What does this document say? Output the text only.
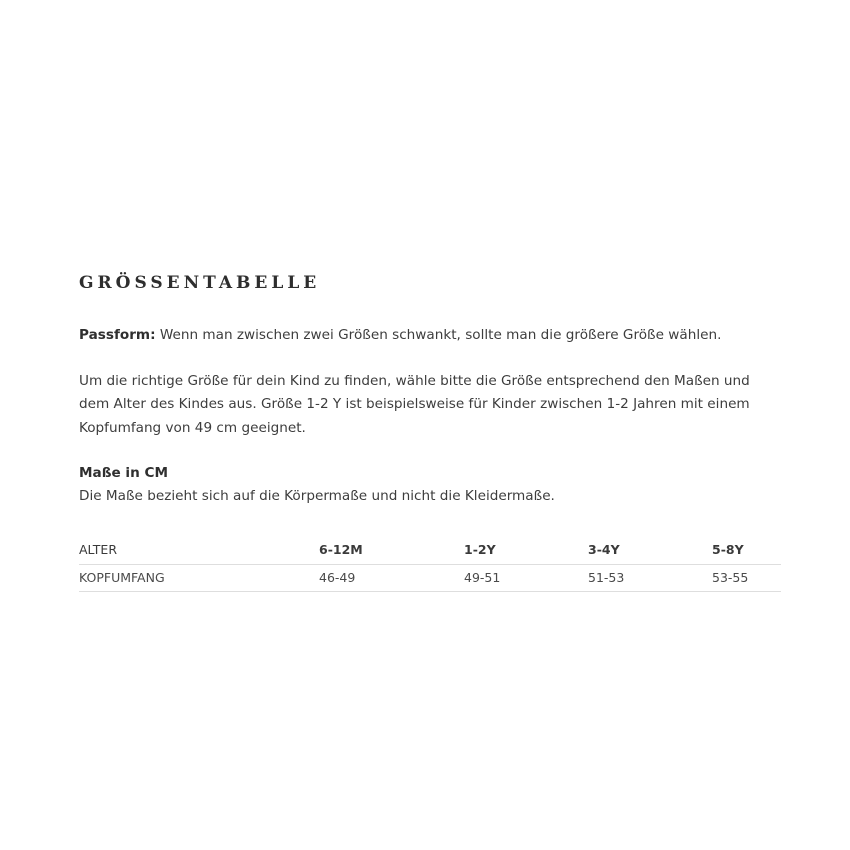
GRÖSSENTABELLE

Passform: Wenn man zwischen zwei Größen schwankt, sollte man die größere Größe wählen.

Um die richtige Größe für dein Kind zu finden, wähle bitte die Größe entsprechend den Maßen und dem Alter des Kindes aus. Größe 1-2 Y ist beispielsweise für Kinder zwischen 1-2 Jahren mit einem Kopfumfang von 49 cm geeignet.

Maße in CM

Die Maße bezieht sich auf die Körpermaße und nicht die Kleidermaße.

ALTER	6-12M	1-2Y	3-4Y	5-8Y
KOPFUMFANG	46-49	49-51	51-53	53-55
